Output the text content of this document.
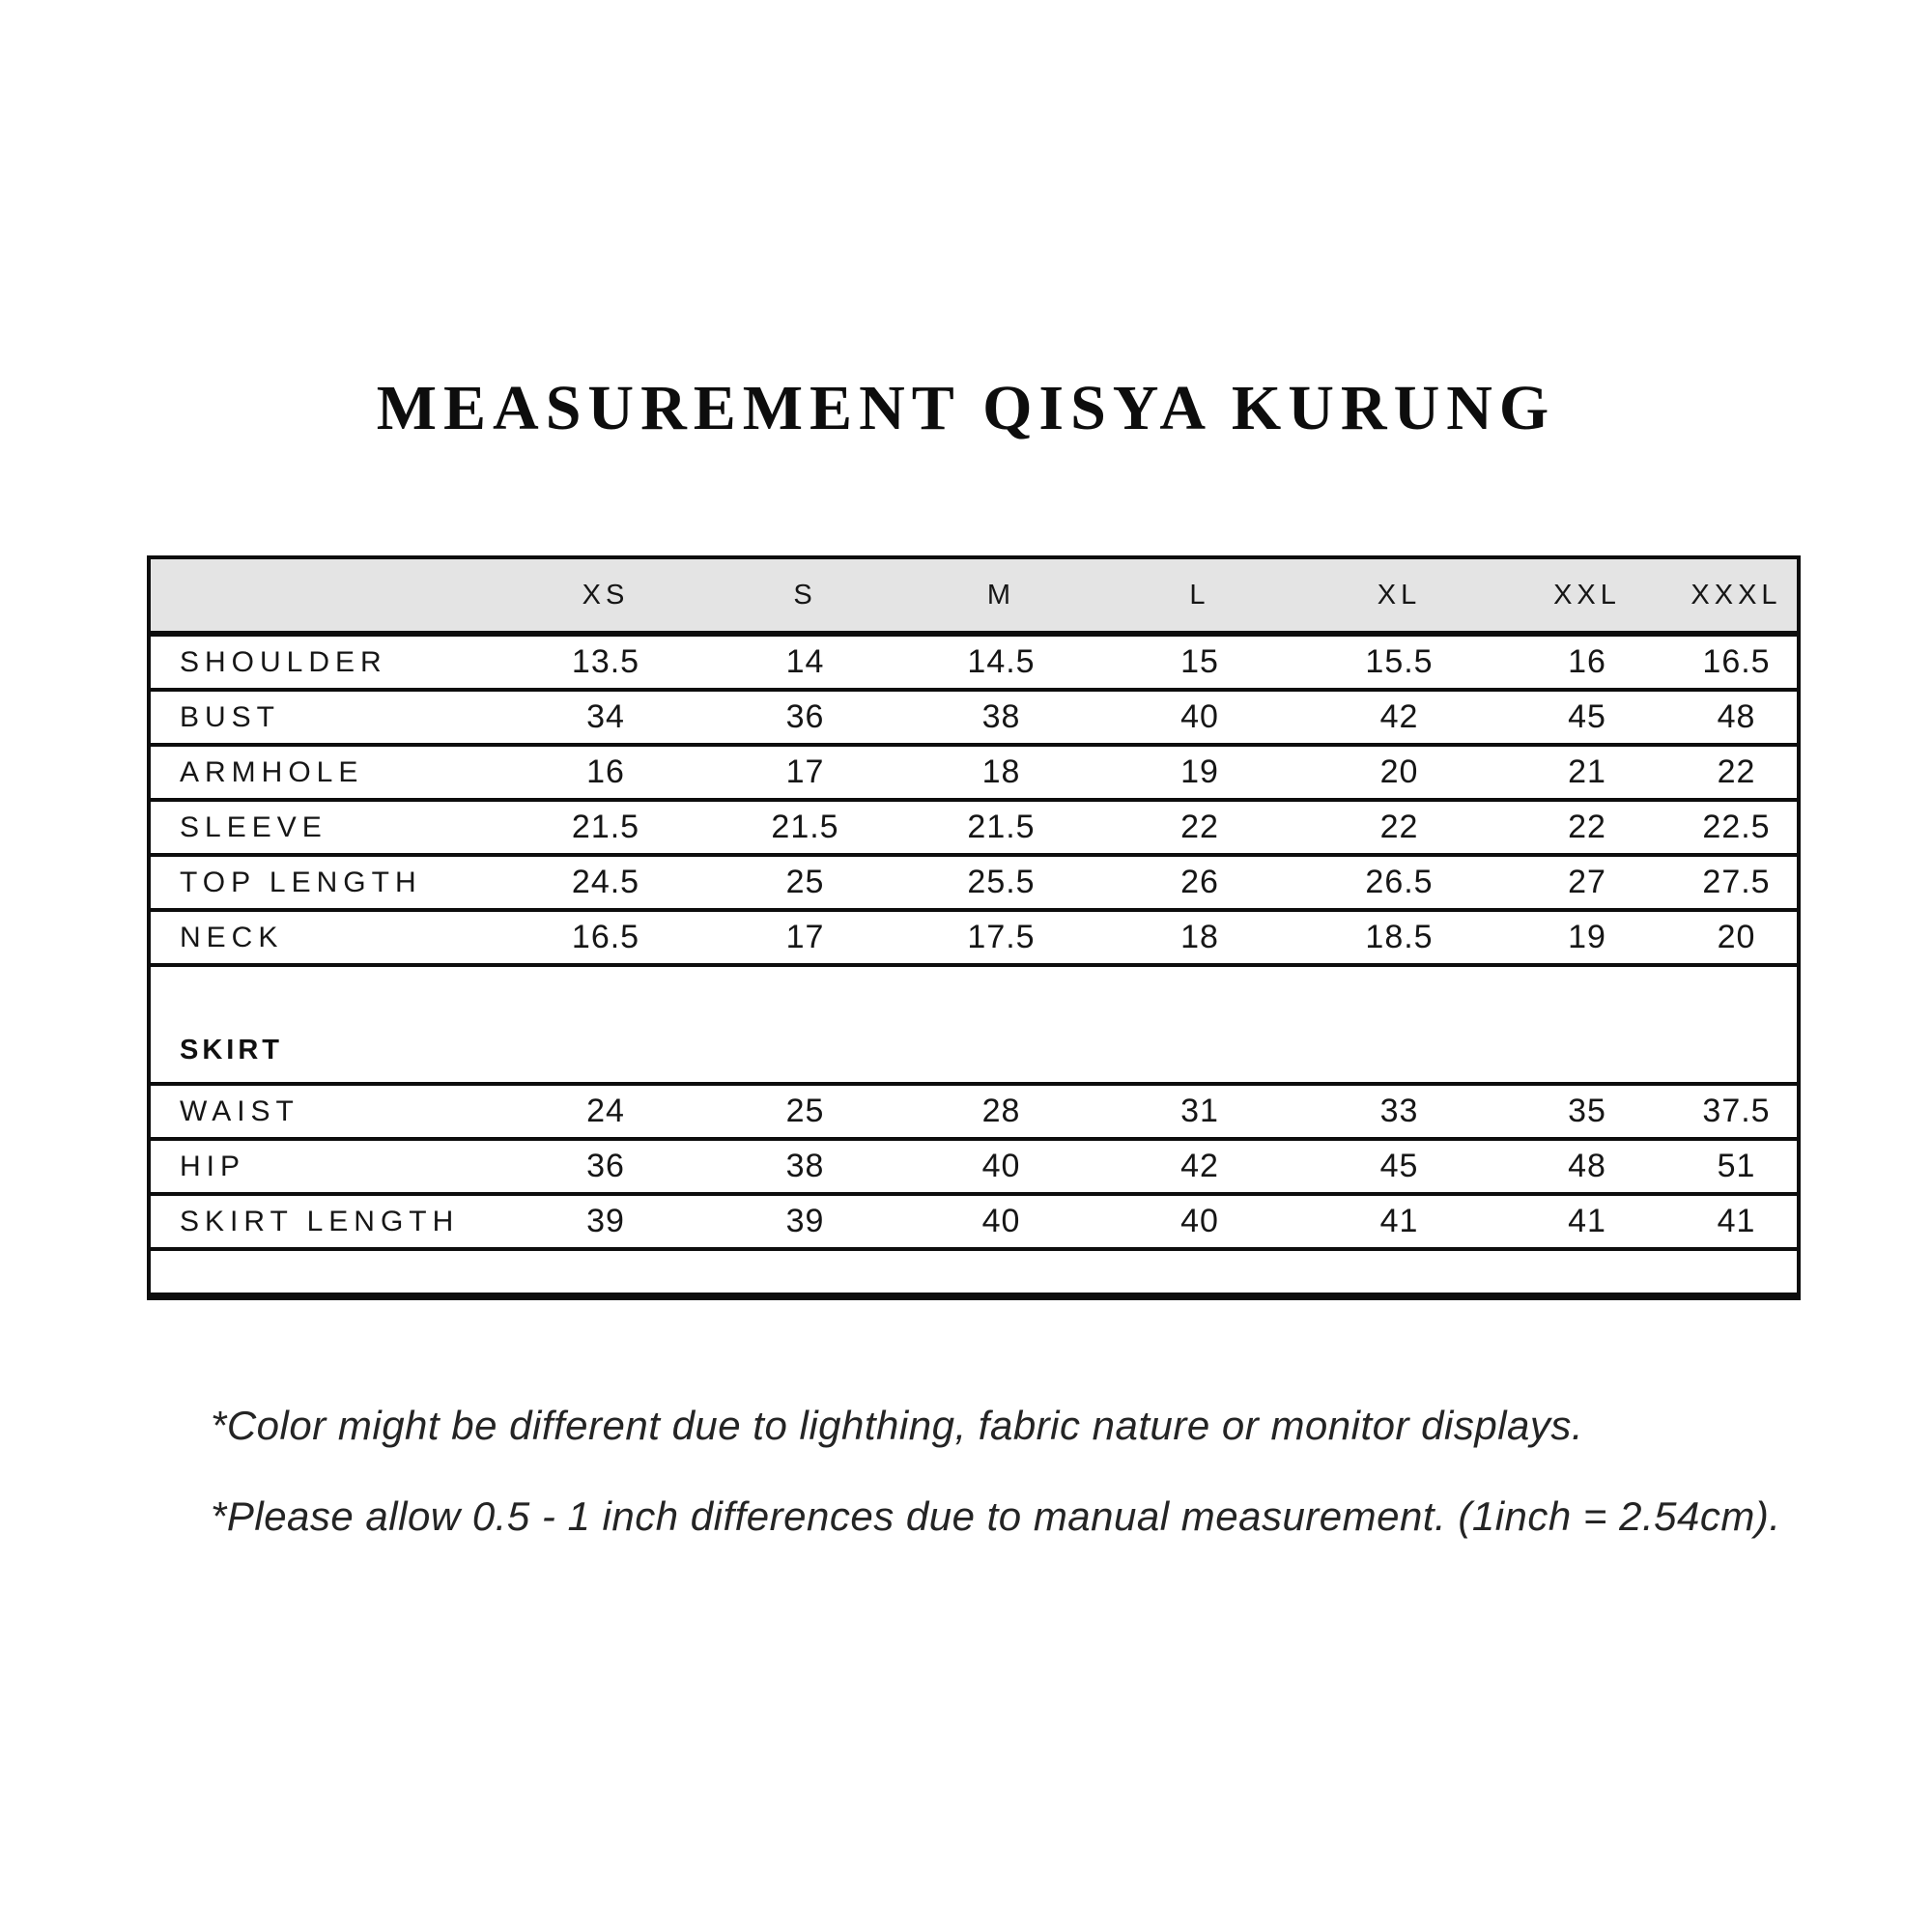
MEASUREMENT QISYA KURUNG
	XS	S	M	L	XL	XXL	XXXL
SHOULDER	13.5	14	14.5	15	15.5	16	16.5
BUST	34	36	38	40	42	45	48
ARMHOLE	16	17	18	19	20	21	22
SLEEVE	21.5	21.5	21.5	22	22	22	22.5
TOP LENGTH	24.5	25	25.5	26	26.5	27	27.5
NECK	16.5	17	17.5	18	18.5	19	20
SKIRT							
WAIST	24	25	28	31	33	35	37.5
HIP	36	38	40	42	45	48	51
SKIRT LENGTH	39	39	40	40	41	41	41

*Color might be different due to lighthing, fabric nature or monitor displays.

*Please allow 0.5 - 1 inch differences due to manual measurement. (1inch = 2.54cm).
